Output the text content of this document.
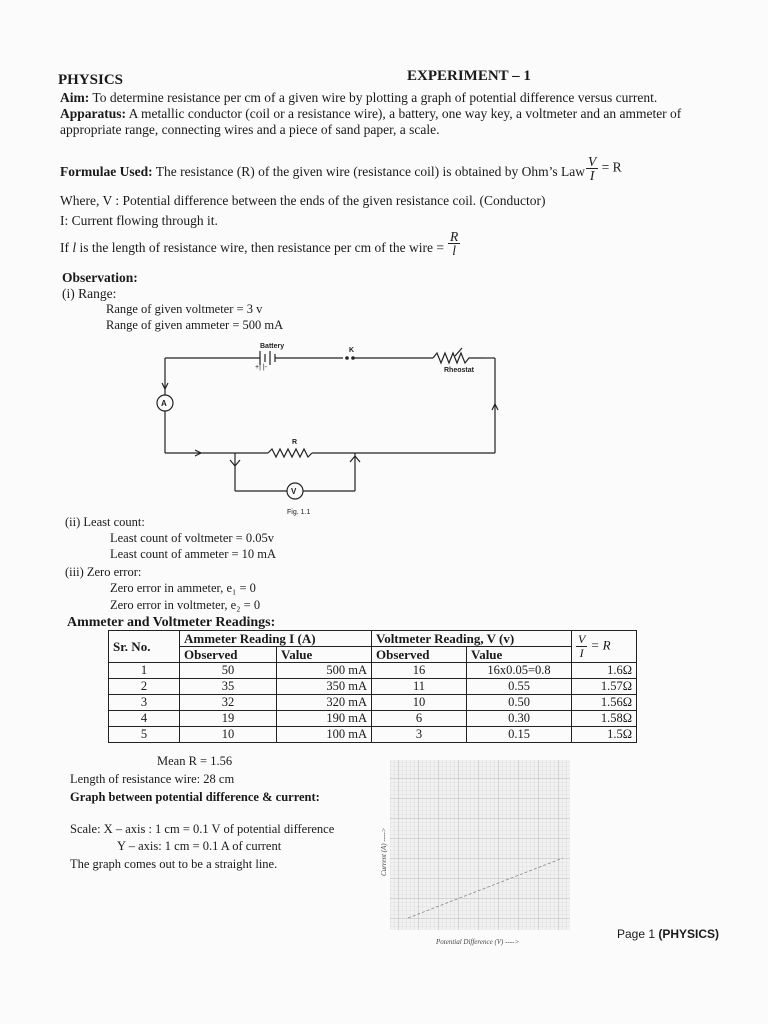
PHYSICS	EXPERIMENT – 1
Aim: To determine resistance per cm of a given wire by plotting a graph of potential difference versus current.
Apparatus: A metallic conductor (coil or a resistance wire), a battery, one way key, a voltmeter and an ammeter of
appropriate range, connecting wires and a piece of sand paper, a scale.
Formulae Used: The resistance (R) of the given wire (resistance coil) is obtained by Ohm’s Law $\frac{V}{I} = R$
Where, V : Potential difference between the ends of the given resistance coil. (Conductor)
I: Current flowing through it.
If l is the length of resistance wire, then resistance per cm of the wire = $\frac{R}{l}$
Observation:
(i) Range:
Range of given voltmeter = 3 v
Range of given ammeter = 500 mA
Battery
+| |-
K
Rheostat
R
A
V
Fig. 1.1
(ii) Least count:
Least count of voltmeter = 0.05v
Least count of ammeter = 10 mA
(iii) Zero error:
Zero error in ammeter, e₁ = 0
Zero error in voltmeter, e₂ = 0
Ammeter and Voltmeter Readings:
Sr. No.	Ammeter Reading I (A)		Voltmeter Reading, V (v)		$\frac{V}{I} = R$
	Observed	Value	Observed	Value	
1	50	500 mA	16	16x0.05=0.8	1.6Ω
2	35	350 mA	11	0.55	1.57Ω
3	32	320 mA	10	0.50	1.56Ω
4	19	190 mA	6	0.30	1.58Ω
5	10	100 mA	3	0.15	1.5Ω
Mean R = 1.56
Length of resistance wire: 28 cm
Graph between potential difference & current:
Scale: X – axis : 1 cm = 0.1 V of potential difference
Y – axis: 1 cm = 0.1 A of current
The graph comes out to be a straight line.	Current (A) ---->
Potential Difference (V) ---->
Page 1 (PHYSICS)
